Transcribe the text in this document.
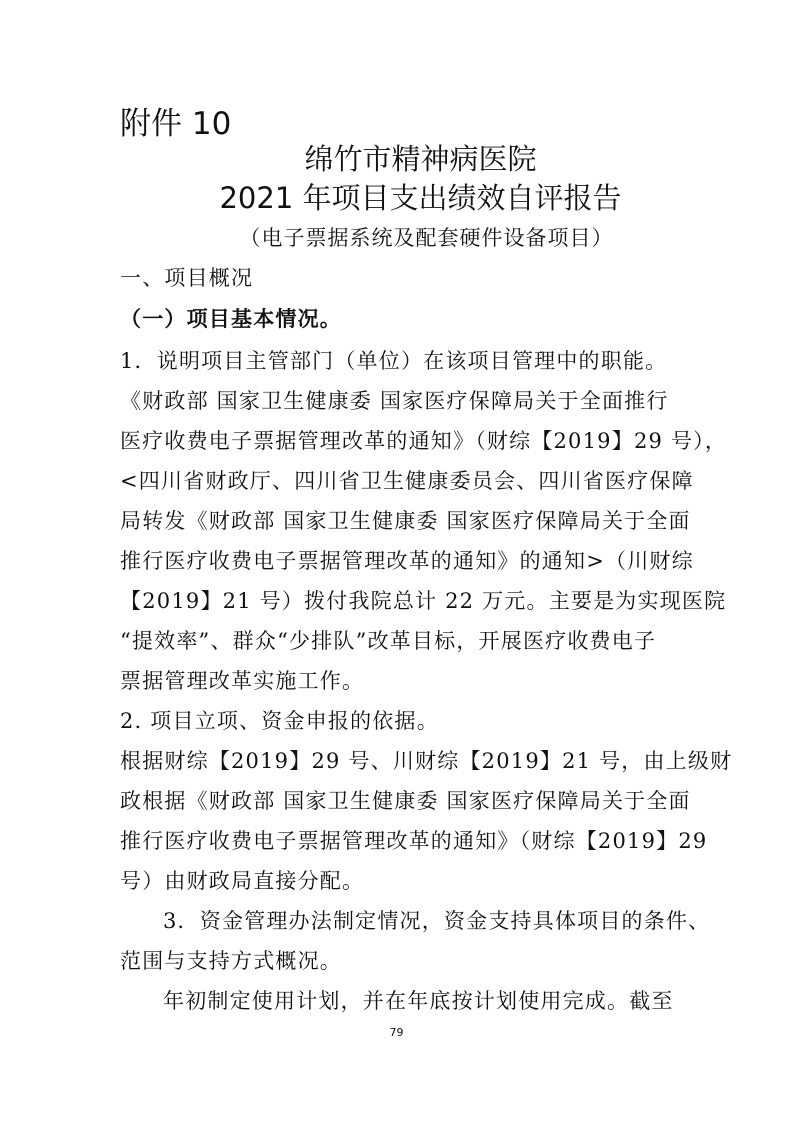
附件 10
绵竹市精神病医院
2021 年项目支出绩效自评报告
（电子票据系统及配套硬件设备项目）
一、项目概况
（一）项目基本情况。
1．说明项目主管部门（单位）在该项目管理中的职能。
《财政部 国家卫生健康委 国家医疗保障局关于全面推行
医疗收费电子票据管理改革的通知》（财综【2019】29 号），
<四川省财政厅、四川省卫生健康委员会、四川省医疗保障
局转发《财政部 国家卫生健康委 国家医疗保障局关于全面
推行医疗收费电子票据管理改革的通知》的通知>（川财综
【2019】21 号）拨付我院总计 22 万元。主要是为实现医院
“提效率”、群众“少排队”改革目标，开展医疗收费电子
票据管理改革实施工作。
2. 项目立项、资金申报的依据。
根据财综【2019】29 号、川财综【2019】21 号，由上级财
政根据《财政部 国家卫生健康委 国家医疗保障局关于全面
推行医疗收费电子票据管理改革的通知》（财综【2019】29
号）由财政局直接分配。
3．资金管理办法制定情况，资金支持具体项目的条件、
范围与支持方式概况。
年初制定使用计划，并在年底按计划使用完成。截至
79
